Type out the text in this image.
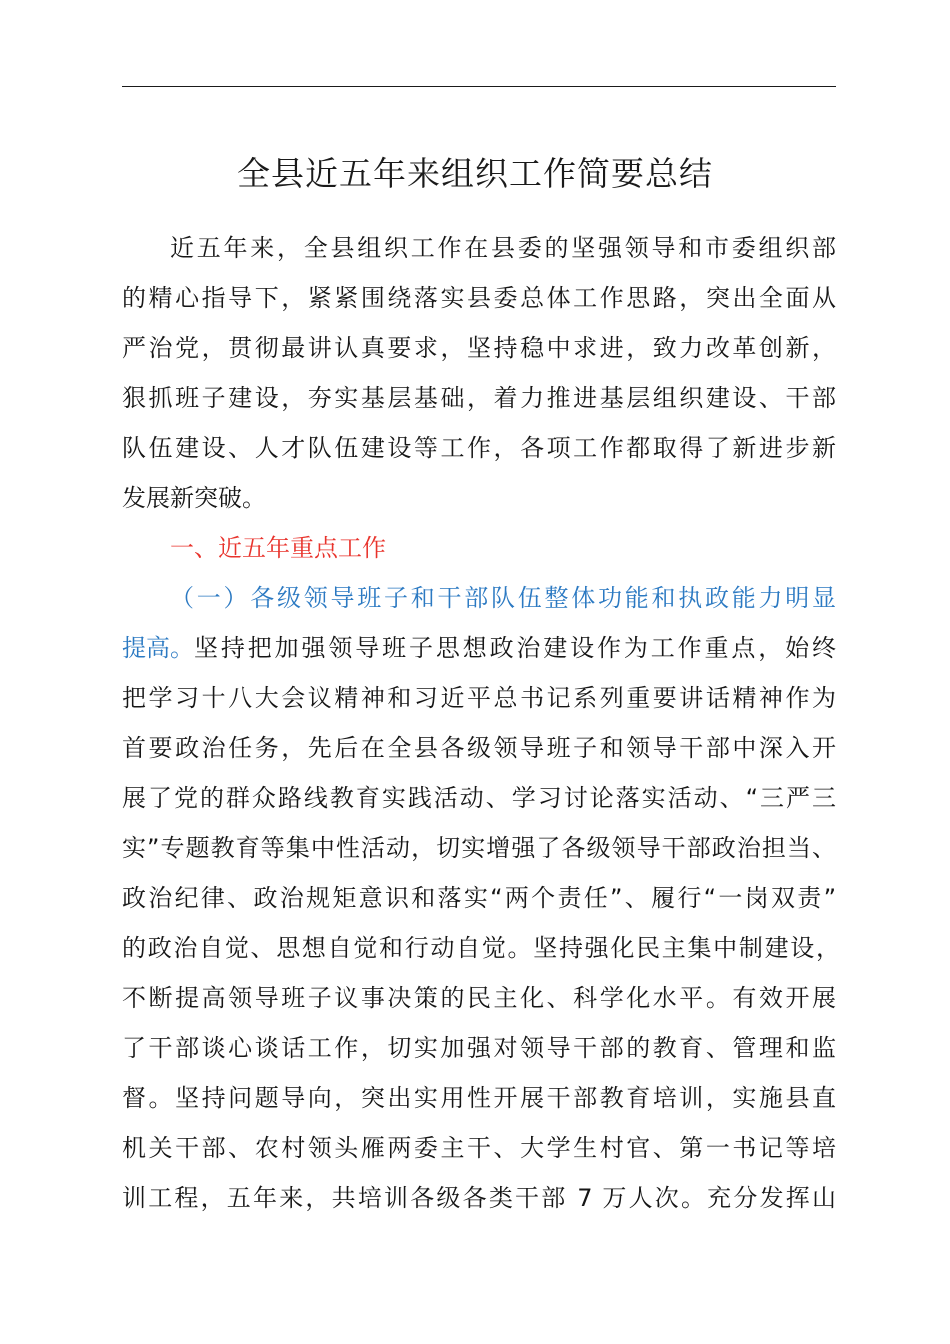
全县近五年来组织工作简要总结
近五年来，全县组织工作在县委的坚强领导和市委组织部
的精心指导下，紧紧围绕落实县委总体工作思路，突出全面从
严治党，贯彻最讲认真要求，坚持稳中求进，致力改革创新，
狠抓班子建设，夯实基层基础，着力推进基层组织建设、干部
队伍建设、人才队伍建设等工作，各项工作都取得了新进步新
发展新突破。
一、近五年重点工作
（一）各级领导班子和干部队伍整体功能和执政能力明显
提高。 坚持把加强领导班子思想政治建设作为工作重点，始终
把学习十八大会议精神和习近平总书记系列重要讲话精神作为
首要政治任务，先后在全县各级领导班子和领导干部中深入开
展了党的群众路线教育实践活动、学习讨论落实活动、“三严三
实”专题教育等集中性活动，切实增强了各级领导干部政治担当、
政治纪律、政治规矩意识和落实“两个责任”、履行“一岗双责”
的政治自觉、思想自觉和行动自觉。坚持强化民主集中制建设，
不断提高领导班子议事决策的民主化、科学化水平。有效开展
了干部谈心谈话工作，切实加强对领导干部的教育、管理和监
督。坚持问题导向，突出实用性开展干部教育培训，实施县直
机关干部、农村领头雁两委主干、大学生村官、第一书记等培
训工程，五年来，共培训各级各类干部 7 万人次。充分发挥山
